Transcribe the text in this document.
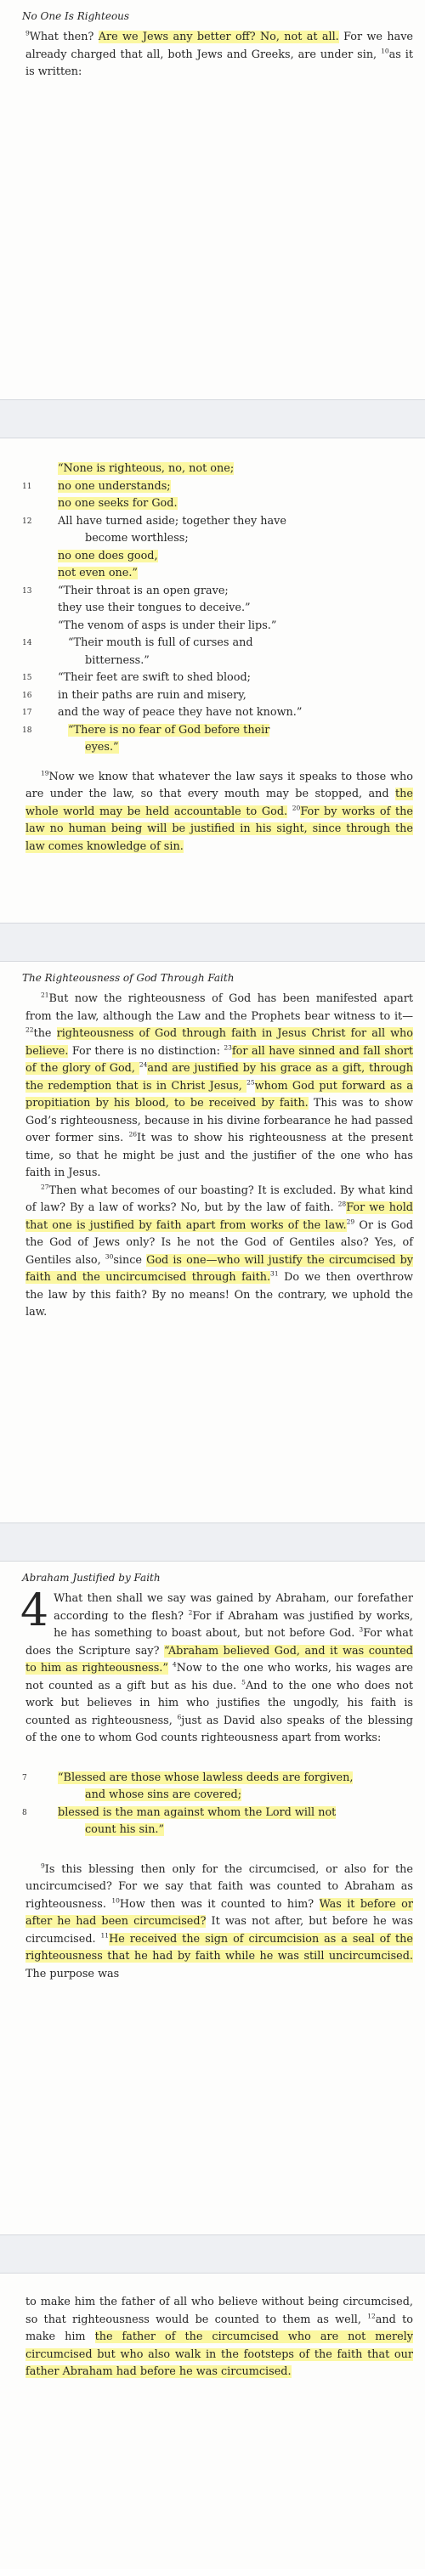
No One Is Righteous

$^9$What then? Are we Jews any better off? No, not at all. For we have already charged that all, both Jews and Greeks, are under sin, $^{10}$as it is written:

“None is righteous, no, not one;
11 no one understands;
no one seeks for God.
12 All have turned aside; together they have
become worthless;
no one does good,
not even one.”
13 “Their throat is an open grave;
they use their tongues to deceive.”
“The venom of asps is under their lips.”
14	“Their mouth is full of curses and
bitterness.”
15 “Their feet are swift to shed blood;
16 in their paths are ruin and misery,
17 and the way of peace they have not known.”
18	“There is no fear of God before their
eyes.”

$^{19}$Now we know that whatever the law says it speaks to those who are under the law, so that every mouth may be stopped, and the whole world may be held accountable to God. $^{20}$For by works of the law no human being will be justified in his sight, since through the law comes knowledge of sin.

The Righteousness of God Through Faith

$^{21}$But now the righteousness of God has been manifested apart from the law, although the Law and the Prophets bear witness to it— $^{22}$the righteousness of God through faith in Jesus Christ for all who believe. For there is no distinction: $^{23}$for all have sinned and fall short of the glory of God, $^{24}$and are justified by his grace as a gift, through the redemption that is in Christ Jesus, $^{25}$whom God put forward as a propitiation by his blood, to be received by faith. This was to show God’s righteousness, because in his divine forbearance he had passed over former sins. $^{26}$It was to show his righteousness at the present time, so that he might be just and the justifier of the one who has faith in Jesus.

$^{27}$Then what becomes of our boasting? It is excluded. By what kind of law? By a law of works? No, but by the law of faith. $^{28}$For we hold that one is justified by faith apart from works of the law.$^{29}$ Or is God the God of Jews only? Is he not the God of Gentiles also? Yes, of Gentiles also, $^{30}$since God is one—who will justify the circumcised by faith and the uncircumcised through faith.$^{31}$ Do we then overthrow the law by this faith? By no means! On the contrary, we uphold the law.

Abraham Justified by Faith

4 What then shall we say was gained by Abraham, our forefather according to the flesh? $^2$For if Abraham was justified by works, he has something to boast about, but not before God. $^3$For what does the Scripture say? “Abraham believed God, and it was counted to him as righteousness.” $^4$Now to the one who works, his wages are not counted as a gift but as his due. $^5$And to the one who does not work but believes in him who justifies the ungodly, his faith is counted as righteousness, $^6$just as David also speaks of the blessing of the one to whom God counts righteousness apart from works:

7	“Blessed are those whose lawless deeds are forgiven,
and whose sins are covered;
8	blessed is the man against whom the Lord will not
count his sin.”

$^9$Is this blessing then only for the circumcised, or also for the uncircumcised? For we say that faith was counted to Abraham as righteousness. $^{10}$How then was it counted to him? Was it before or after he had been circumcised? It was not after, but before he was circumcised. $^{11}$He received the sign of circumcision as a seal of the righteousness that he had by faith while he was still uncircumcised. The purpose was

to make him the father of all who believe without being circumcised, so that righteousness would be counted to them as well, $^{12}$and to make him the father of the circumcised who are not merely circumcised but who also walk in the footsteps of the faith that our father Abraham had before he was circumcised.
